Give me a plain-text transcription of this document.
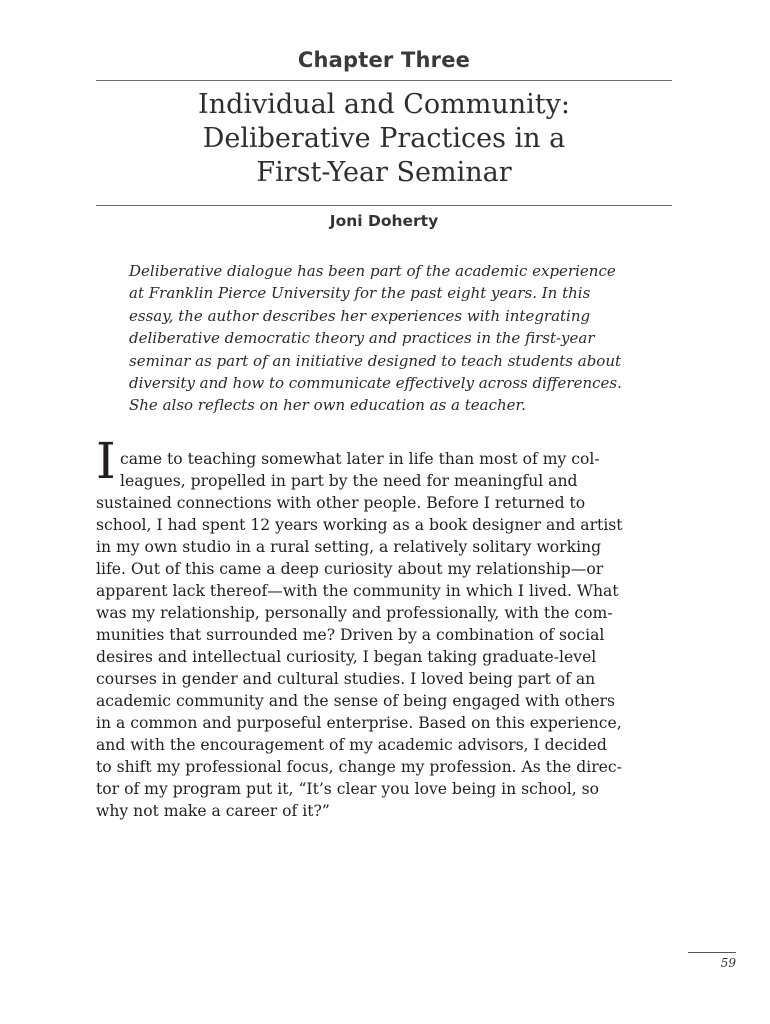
Chapter Three
Individual and Community:
Deliberative Practices in a
First-Year Seminar
Joni Doherty
Deliberative dialogue has been part of the academic experience
at Franklin Pierce University for the past eight years. In this
essay, the author describes her experiences with integrating
deliberative democratic theory and practices in the first-year
seminar as part of an initiative designed to teach students about
diversity and how to communicate effectively across differences.
She also reflects on her own education as a teacher.
I came to teaching somewhat later in life than most of my col-
leagues, propelled in part by the need for meaningful and
sustained connections with other people. Before I returned to
school, I had spent 12 years working as a book designer and artist
in my own studio in a rural setting, a relatively solitary working
life. Out of this came a deep curiosity about my relationship—or
apparent lack thereof—with the community in which I lived. What
was my relationship, personally and professionally, with the com-
munities that surrounded me? Driven by a combination of social
desires and intellectual curiosity, I began taking graduate-level
courses in gender and cultural studies. I loved being part of an
academic community and the sense of being engaged with others
in a common and purposeful enterprise. Based on this experience,
and with the encouragement of my academic advisors, I decided
to shift my professional focus, change my profession. As the direc-
tor of my program put it, “It’s clear you love being in school, so
why not make a career of it?”
59
